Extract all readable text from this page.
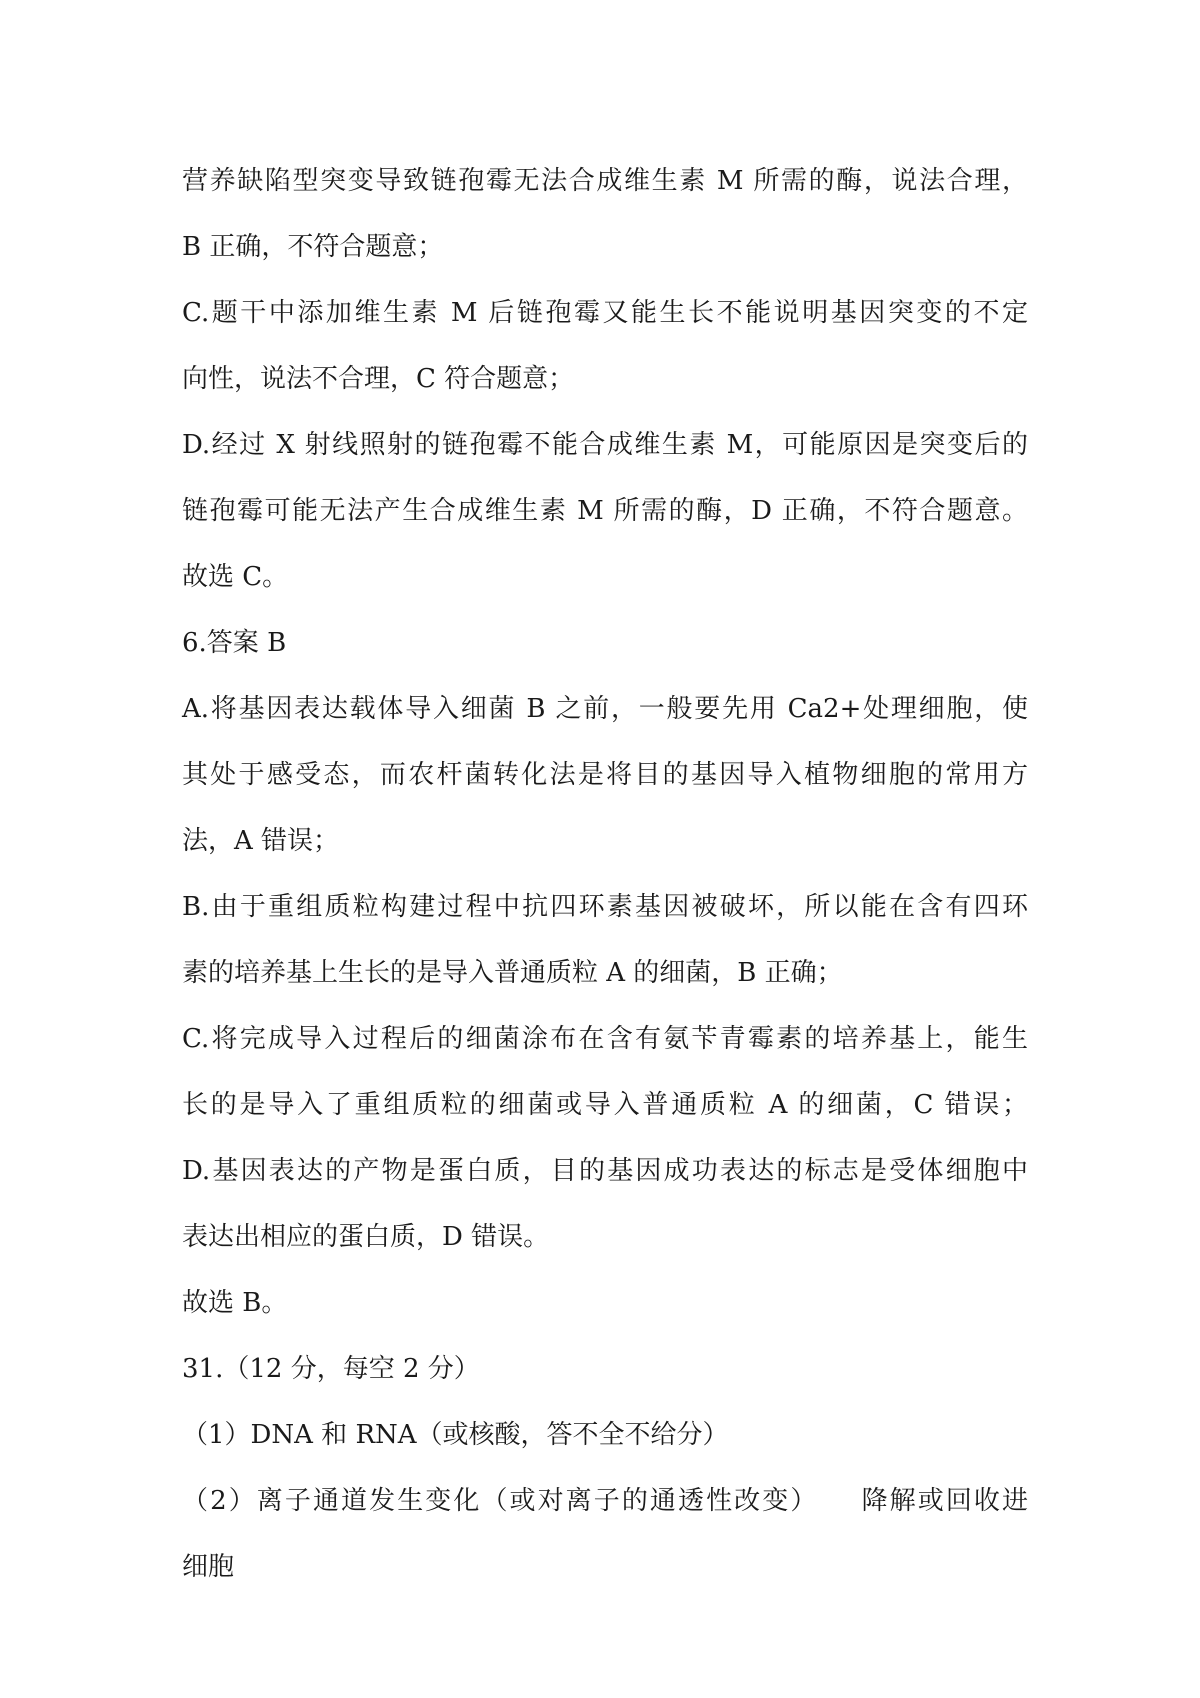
营养缺陷型突变导致链孢霉无法合成维生素 M 所需的酶，说法合理，
B 正确，不符合题意；
C.题干中添加维生素 M 后链孢霉又能生长不能说明基因突变的不定
向性，说法不合理，C 符合题意；
D.经过 X 射线照射的链孢霉不能合成维生素 M，可能原因是突变后的
链孢霉可能无法产生合成维生素 M 所需的酶，D 正确，不符合题意。
故选 C。
6.答案 B
A.将基因表达载体导入细菌 B 之前，一般要先用 Ca2+处理细胞，使
其处于感受态，而农杆菌转化法是将目的基因导入植物细胞的常用方
法，A 错误；
B.由于重组质粒构建过程中抗四环素基因被破坏，所以能在含有四环
素的培养基上生长的是导入普通质粒 A 的细菌，B 正确；
C.将完成导入过程后的细菌涂布在含有氨苄青霉素的培养基上，能生
长的是导入了重组质粒的细菌或导入普通质粒 A 的细菌，C 错误；
D.基因表达的产物是蛋白质，目的基因成功表达的标志是受体细胞中
表达出相应的蛋白质，D 错误。
故选 B。
31.（12 分，每空 2 分）
（1）DNA 和 RNA（或核酸，答不全不给分）
（2）离子通道发生变化（或对离子的通透性改变）　　降解或回收进
细胞
